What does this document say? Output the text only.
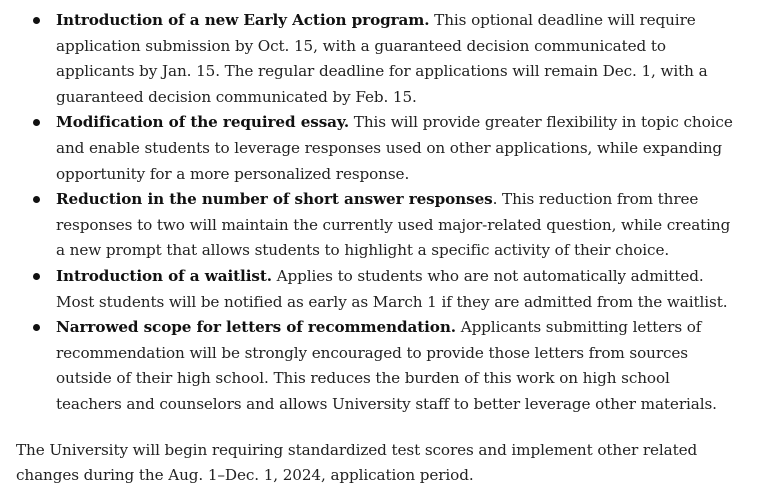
Introduction of a new Early Action program. This optional deadline will require application submission by Oct. 15, with a guaranteed decision communicated to applicants by Jan. 15. The regular deadline for applications will remain Dec. 1, with a guaranteed decision communicated by Feb. 15.
Modification of the required essay. This will provide greater flexibility in topic choice and enable students to leverage responses used on other applications, while expanding opportunity for a more personalized response.
Reduction in the number of short answer responses. This reduction from three responses to two will maintain the currently used major-related question, while creating a new prompt that allows students to highlight a specific activity of their choice.
Introduction of a waitlist. Applies to students who are not automatically admitted. Most students will be notified as early as March 1 if they are admitted from the waitlist.
Narrowed scope for letters of recommendation. Applicants submitting letters of recommendation will be strongly encouraged to provide those letters from sources outside of their high school. This reduces the burden of this work on high school teachers and counselors and allows University staff to better leverage other materials.

The University will begin requiring standardized test scores and implement other related changes during the Aug. 1–Dec. 1, 2024, application period.
